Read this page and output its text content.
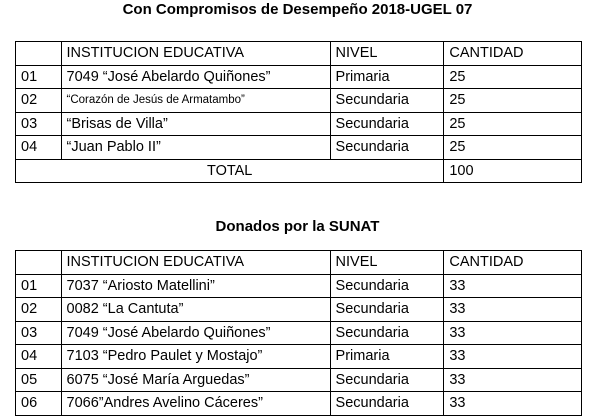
Con Compromisos de Desempeño 2018-UGEL 07
	INSTITUCION EDUCATIVA	NIVEL	CANTIDAD
01	7049 “José Abelardo Quiñones”	Primaria	25
02	“Corazón de Jesús de Armatambo”	Secundaria	25
03	“Brisas de Villa”	Secundaria	25
04	“Juan Pablo II”	Secundaria	25
TOTAL			100
Donados por la SUNAT
	INSTITUCION EDUCATIVA	NIVEL	CANTIDAD
01	7037 “Ariosto Matellini”	Secundaria	33
02	0082 “La Cantuta”	Secundaria	33
03	7049 “José Abelardo Quiñones”	Secundaria	33
04	7103 “Pedro Paulet y Mostajo”	Primaria	33
05	6075 “José María Arguedas”	Secundaria	33
06	7066”Andres Avelino Cáceres”	Secundaria	33
